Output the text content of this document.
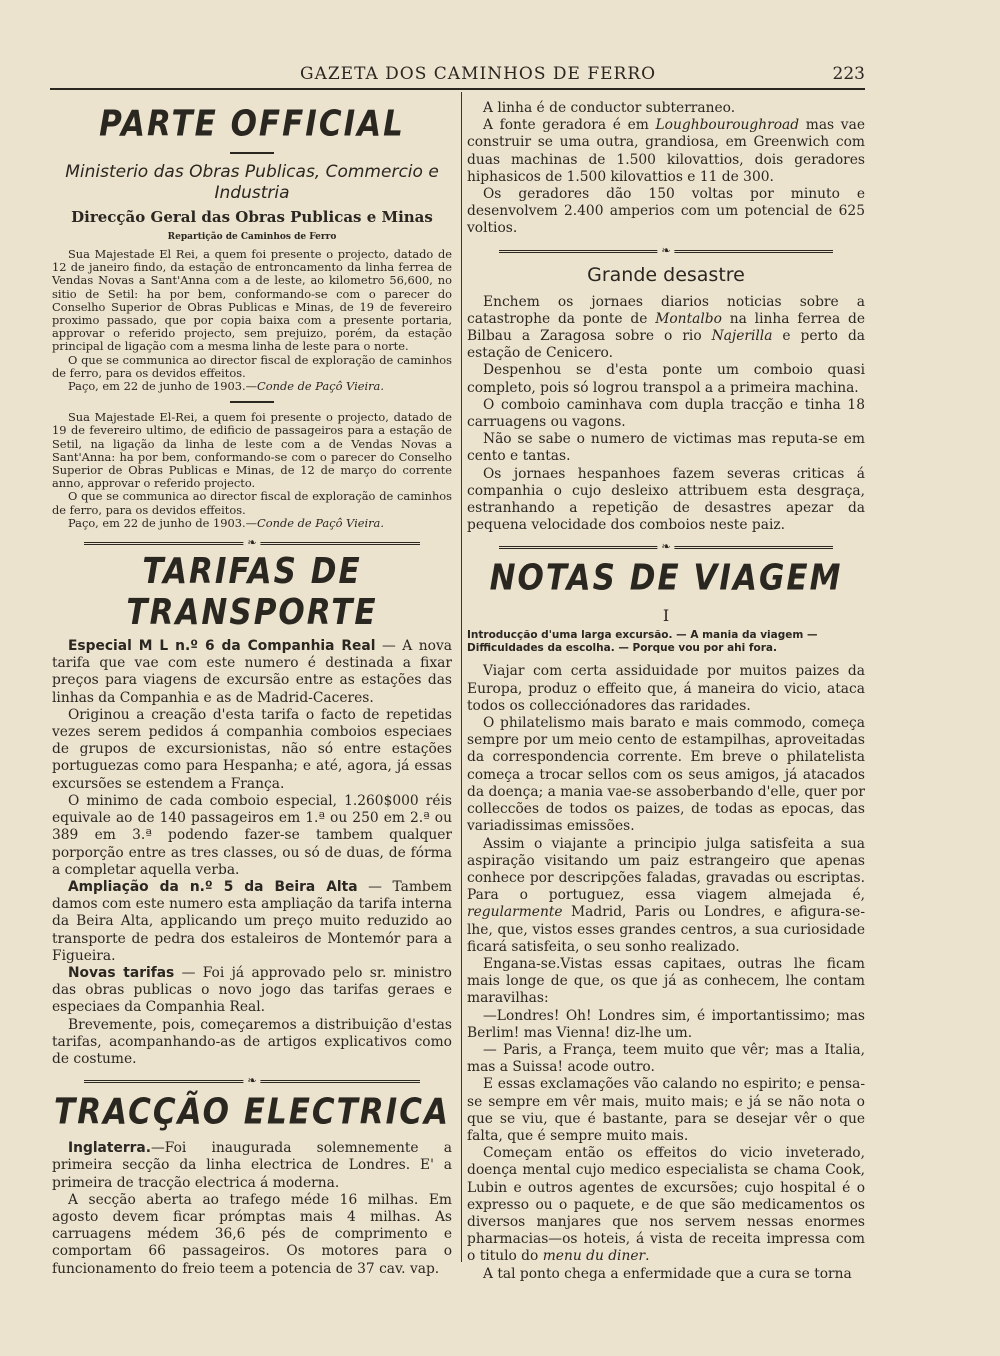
GAZETA DOS CAMINHOS DE FERRO	223
PARTE OFFICIAL
Ministerio das Obras Publicas, Commercio e Industria
Direcção Geral das Obras Publicas e Minas
Repartição de Caminhos de Ferro

Sua Majestade El Rei, a quem foi presente o projecto, datado de 12 de janeiro findo, da estação de entroncamento da linha ferrea de Vendas Novas a Sant'Anna com a de leste, ao kilometro 56,600, no sitio de Setil: ha por bem, conformando-se com o parecer do Conselho Superior de Obras Publicas e Minas, de 19 de fevereiro proximo passado, que por copia baixa com a presente portaria, approvar o referido projecto, sem prejuizo, porém, da estação principal de ligação com a mesma linha de leste para o norte.

O que se communica ao director fiscal de exploração de caminhos de ferro, para os devidos effeitos.

Paço, em 22 de junho de 1903.—Conde de Paçô Vieira.

Sua Majestade El-Rei, a quem foi presente o projecto, datado de 19 de fevereiro ultimo, de edificio de passageiros para a estação de Setil, na ligação da linha de leste com a de Vendas Novas a Sant'Anna: ha por bem, conformando-se com o parecer do Conselho Superior de Obras Publicas e Minas, de 12 de março do corrente anno, approvar o referido projecto.

O que se communica ao director fiscal de exploração de caminhos de ferro, para os devidos effeitos.

Paço, em 22 de junho de 1903.—Conde de Paçô Vieira.

❧
TARIFAS DE TRANSPORTE

Especial M L n.º 6 da Companhia Real — A nova tarifa que vae com este numero é destinada a fixar preços para viagens de excursão entre as estações das linhas da Companhia e as de Madrid-Caceres.

Originou a creação d'esta tarifa o facto de repetidas vezes serem pedidos á companhia comboios especiaes de grupos de excursionistas, não só entre estações portuguezas como para Hespanha; e até, agora, já essas excursões se estendem a França.

O minimo de cada comboio especial, 1.260$000 réis equivale ao de 140 passageiros em 1.ª ou 250 em 2.ª ou 389 em 3.ª podendo fazer-se tambem qualquer porporção entre as tres classes, ou só de duas, de fórma a completar aquella verba.

Ampliação da n.º 5 da Beira Alta — Tambem damos com este numero esta ampliação da tarifa interna da Beira Alta, applicando um preço muito reduzido ao transporte de pedra dos estaleiros de Montemór para a Figueira.

Novas tarifas — Foi já approvado pelo sr. ministro das obras publicas o novo jogo das tarifas geraes e especiaes da Companhia Real.

Brevemente, pois, começaremos a distribuição d'estas tarifas, acompanhando-as de artigos explicativos como de costume.

❧
TRACÇÃO ELECTRICA

Inglaterra.—Foi inaugurada solemnemente a primeira secção da linha electrica de Londres. E' a primeira de tracção electrica á moderna.

A secção aberta ao trafego méde 16 milhas. Em agosto devem ficar prómptas mais 4 milhas. As carruagens médem 36,6 pés de comprimento e comportam 66 passageiros. Os motores para o funcionamento do freio teem a potencia de 37 cav. vap.

A linha é de conductor subterraneo.

A fonte geradora é em Loughbouroughroad mas vae construir se uma outra, grandiosa, em Greenwich com duas machinas de 1.500 kilovattios, dois geradores hiphasicos de 1.500 kilovattios e 11 de 300.

Os geradores dão 150 voltas por minuto e desenvolvem 2.400 amperios com um potencial de 625 voltios.

❧
Grande desastre

Enchem os jornaes diarios noticias sobre a catastrophe da ponte de Montalbo na linha ferrea de Bilbau a Zaragosa sobre o rio Najerilla e perto da estação de Cenicero.

Despenhou se d'esta ponte um comboio quasi completo, pois só logrou transpol a a primeira machina.

O comboio caminhava com dupla tracção e tinha 18 carruagens ou vagons.

Não se sabe o numero de victimas mas reputa-se em cento e tantas.

Os jornaes hespanhoes fazem severas criticas á companhia o cujo desleixo attribuem esta desgraça, estranhando a repetição de desastres apezar da pequena velocidade dos comboios neste paiz.

❧
NOTAS DE VIAGEM
I
Introducção d'uma larga excursão. — A mania da viagem — Difficuldades da escolha. — Porque vou por ahi fora.

Viajar com certa assiduidade por muitos paizes da Europa, produz o effeito que, á maneira do vicio, ataca todos os collecciónadores das raridades.

O philatelismo mais barato e mais commodo, começa sempre por um meio cento de estampilhas, aproveitadas da correspondencia corrente. Em breve o philatelista começa a trocar sellos com os seus amigos, já atacados da doença; a mania vae-se assoberbando d'elle, quer por colleccões de todos os paizes, de todas as epocas, das variadissimas emissões.

Assim o viajante a principio julga satisfeita a sua aspiração visitando um paiz estrangeiro que apenas conhece por descripções faladas, gravadas ou escriptas. Para o portuguez, essa viagem almejada é, regularmente Madrid, Paris ou Londres, e afigura-se-lhe, que, vistos esses grandes centros, a sua curiosidade ficará satisfeita, o seu sonho realizado.

Engana-se.Vistas essas capitaes, outras lhe ficam mais longe de que, os que já as conhecem, lhe contam maravilhas:

—Londres! Oh! Londres sim, é importantissimo; mas Berlim! mas Vienna! diz-lhe um.

— Paris, a França, teem muito que vêr; mas a Italia, mas a Suissa! acode outro.

E essas exclamações vão calando no espirito; e pensa-se sempre em vêr mais, muito mais; e já se não nota o que se viu, que é bastante, para se desejar vêr o que falta, que é sempre muito mais.

Começam então os effeitos do vicio inveterado, doença mental cujo medico especialista se chama Cook, Lubin e outros agentes de excursões; cujo hospital é o expresso ou o paquete, e de que são medicamentos os diversos manjares que nos servem nessas enormes pharmacias—os hoteis, á vista de receita impressa com o titulo do menu du diner.

A tal ponto chega a enfermidade que a cura se torna
